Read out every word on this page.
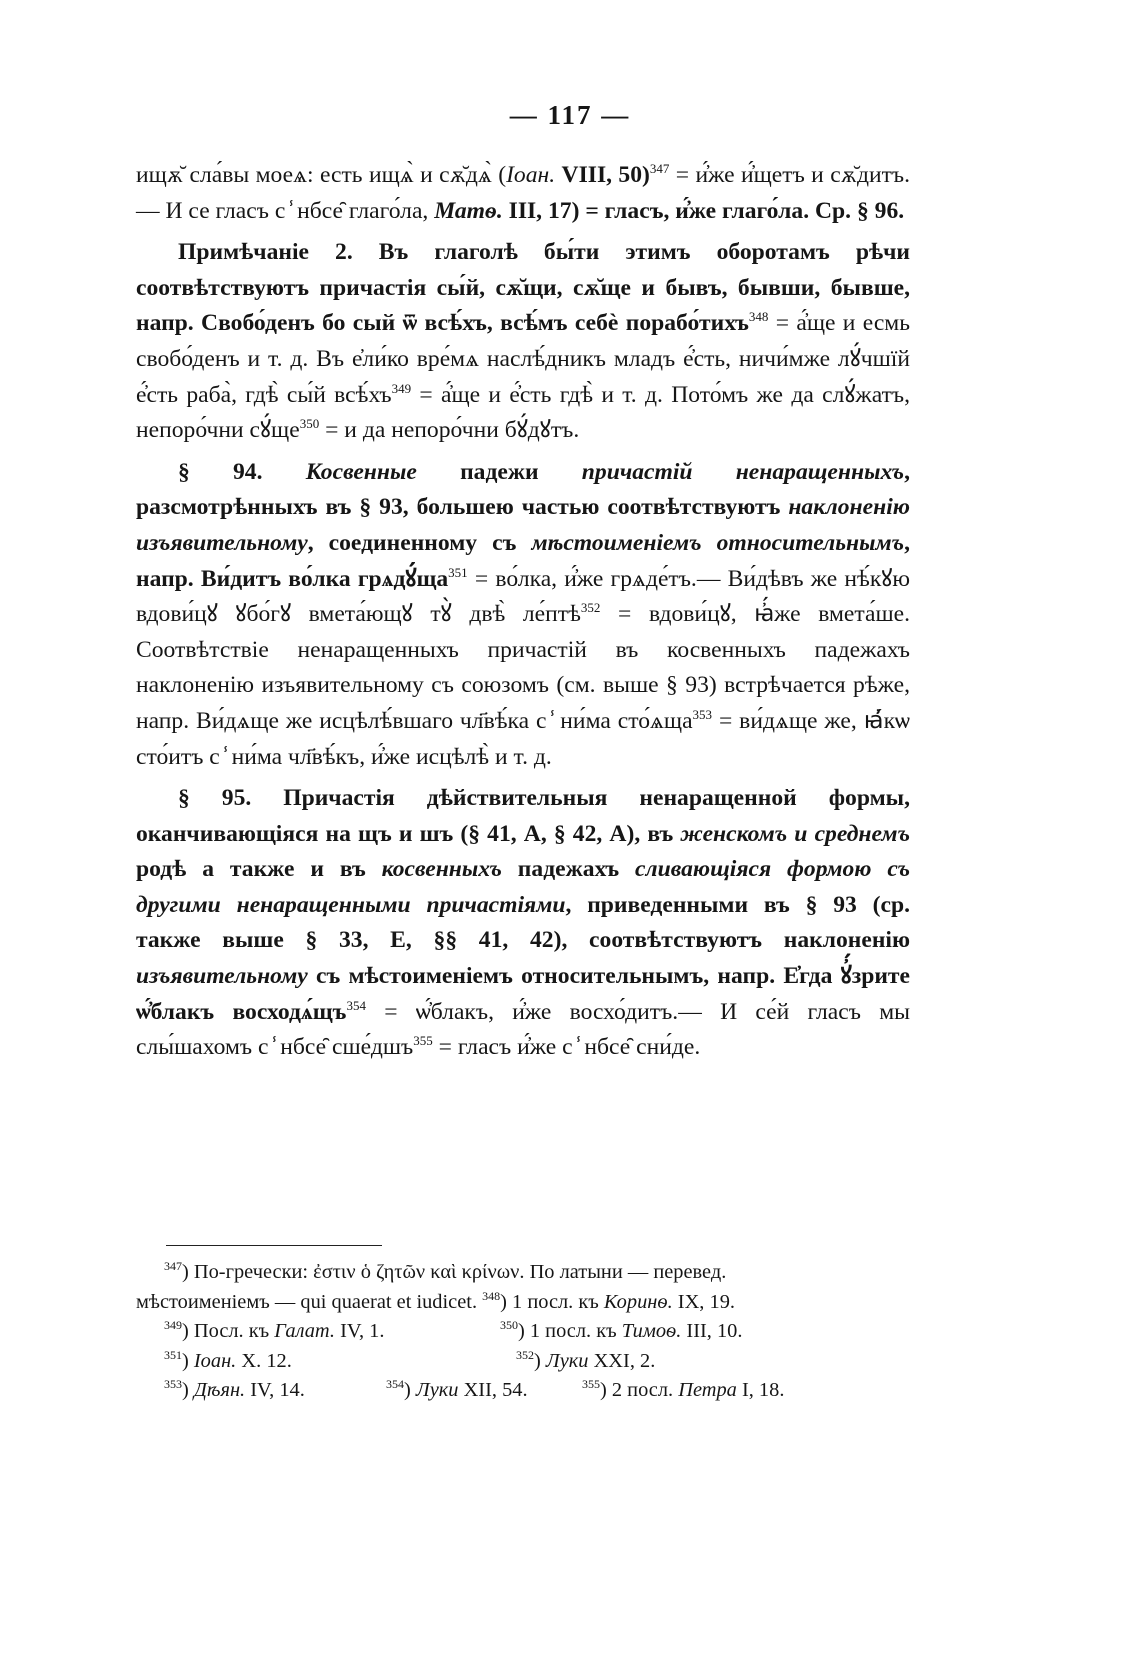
— 117 —

ищѫ̆ сла́вы моеѧ: есть ищѧ̀ и сѫ̆дѧ̀ (Іоан. VIII, 50)$^{347}$ = и҆́же и҆́щетъ и сѫ̆дитъ.— И се гласъ с ̾ нбсе̑ глаго́ла, Матѳ. III, 17) = гласъ, и҆́же глаго́ла. Ср. § 96.

Примѣчаніе 2. Въ глаголѣ бы́ти этимъ оборотамъ рѣчи соотвѣтствуютъ причастія сы́й, сѫ̆щи, сѫ̆ще и бывъ, бывши, бывше, напр. Свобо́денъ бо сый ѿ всѣ́хъ, всѣ́мъ себѐ порабо́тихъ$^{348}$ = а҆́ще и есмь свобо́денъ и т. д. Въ е҆ли́ко вре́мѧ наслѣ́дникъ младъ е҆́сть, ничи́мже лꙋ́чшїй е҆́сть раба̀, гдѣ̀ сы́й $всѣ́хъ^{349}$ = а҆́ще и е҆́сть гдѣ̀ и т. д. Пото́мъ же да слꙋ́жатъ, непоро́чни $сꙋ́ще^{350} = и$ да непоро́чни бꙋ́дꙋтъ.

§ 94. Косвенные падежи причастій ненаращенныхъ, разсмотрѣнныхъ въ § 93, большею частью соотвѣтствуютъ наклоненію изъявительному, соединенному съ мѣстоименіемъ относительнымъ, напр. Ви́дитъ во́лка $грѧдꙋ́ща^{351}$ = во́лка, и҆́же грѧде́тъ.— Ви́дѣвъ же нѣ́кꙋю вдови́цꙋ ꙋбо́гꙋ вмета́ющꙋ тꙋ̀ двѣ̀ ле́птѣ$^{352}$ = вдови́цꙋ, ꙗ҆́же вмета́ше. Соотвѣтствіе ненаращенныхъ причастій въ косвенныхъ падежахъ наклоненію изъявительному съ союзомъ (см. выше § 93) встрѣчается рѣже, напр. Ви́дѧще же исцѣлѣ́вшаго чл҃вѣ́ка с ̾ ни́ма сто́ѧща$^{353}$ = ви́дѧще же, ꙗ҆́кѡ сто́итъ с ̾ ни́ма чл҃вѣ́къ, и҆́же исцѣлѣ̀ и т. д.

§ 95. Причастія дѣйствительныя ненаращенной формы, оканчивающіяся на щъ и шъ (§ 41, А, § 42, А), въ женскомъ и среднемъ родѣ а также и въ косвенныхъ падежахъ сливающіяся формою съ другими ненаращенными причастіями, приведенными въ § 93 (ср. также выше § 33, Е, §§ 41, 42), соотвѣтствуютъ наклоненію изъявительному съ мѣстоименіемъ относительнымъ, напр. Е҆гда ꙋ҆́зрите ѡ҆́блакъ $восходѧ́щъ^{354}$ = ѡ҆́блакъ, и҆́же восхо́дитъ.— И се́й гласъ мы слы́шахомъ с ̾ нбсе̑ сше́дшъ$^{355}$ = гласъ и҆́же с ̾ нбсе̑ сни́де.

$^{347}$) По-гречески: ἐστιν ὁ ζητῶν καὶ κρίνων. По латыни — перевед.
мѣстоименіемъ — qui quaerat et iudicet. $^{348}$) 1 посл. къ Коринѳ. IX, 19.
$^{349}$) Посл. къ Галат. IV, 1.	$^{350}$) 1 посл. къ Тимоѳ. III, 10.
$^{351}$) Іоан. X. 12.	$^{352}$) Луки XXI, 2.
$^{353}$) Дѣян. IV, 14.	$^{354}$) Луки XII, 54.	$^{355}$) 2 посл. Петра I, 18.
